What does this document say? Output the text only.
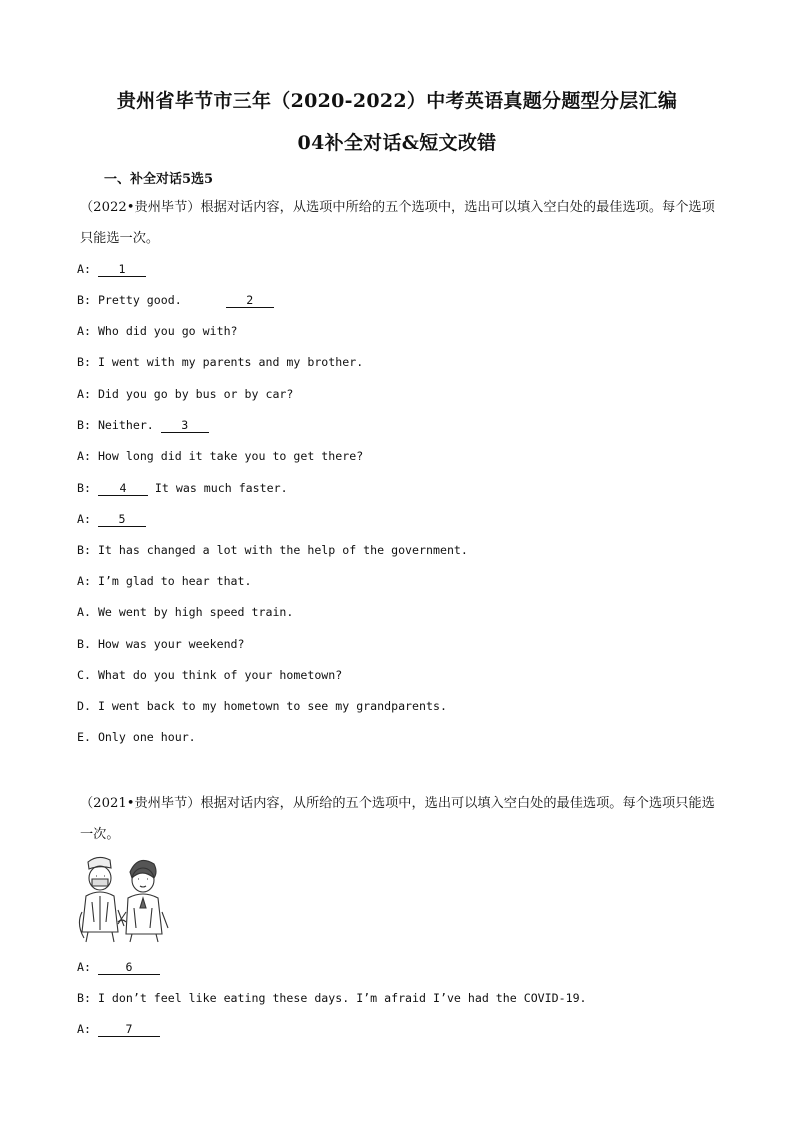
贵州省毕节市三年（2020-2022）中考英语真题分题型分层汇编
04补全对话&短文改错
一、补全对话5选5
（2022•贵州毕节）根据对话内容，从选项中所给的五个选项中，选出可以填入空白处的最佳选项。每个选项只能选一次。
A: 1
B: Pretty good.	2
A: Who did you go with?
B: I went with my parents and my brother.
A: Did you go by bus or by car?
B: Neither. 3
A: How long did it take you to get there?
B: 4 It was much faster.
A: 5
B: It has changed a lot with the help of the government.
A: I’m glad to hear that.
A. We went by high speed train.
B. How was your weekend?
C. What do you think of your hometown?
D. I went back to my hometown to see my grandparents.
E. Only one hour.
（2021•贵州毕节）根据对话内容，从所给的五个选项中，选出可以填入空白处的最佳选项。每个选项只能选一次。
A: 6
B: I don’t feel like eating these days. I’m afraid I’ve had the COVID-19.
A: 7
